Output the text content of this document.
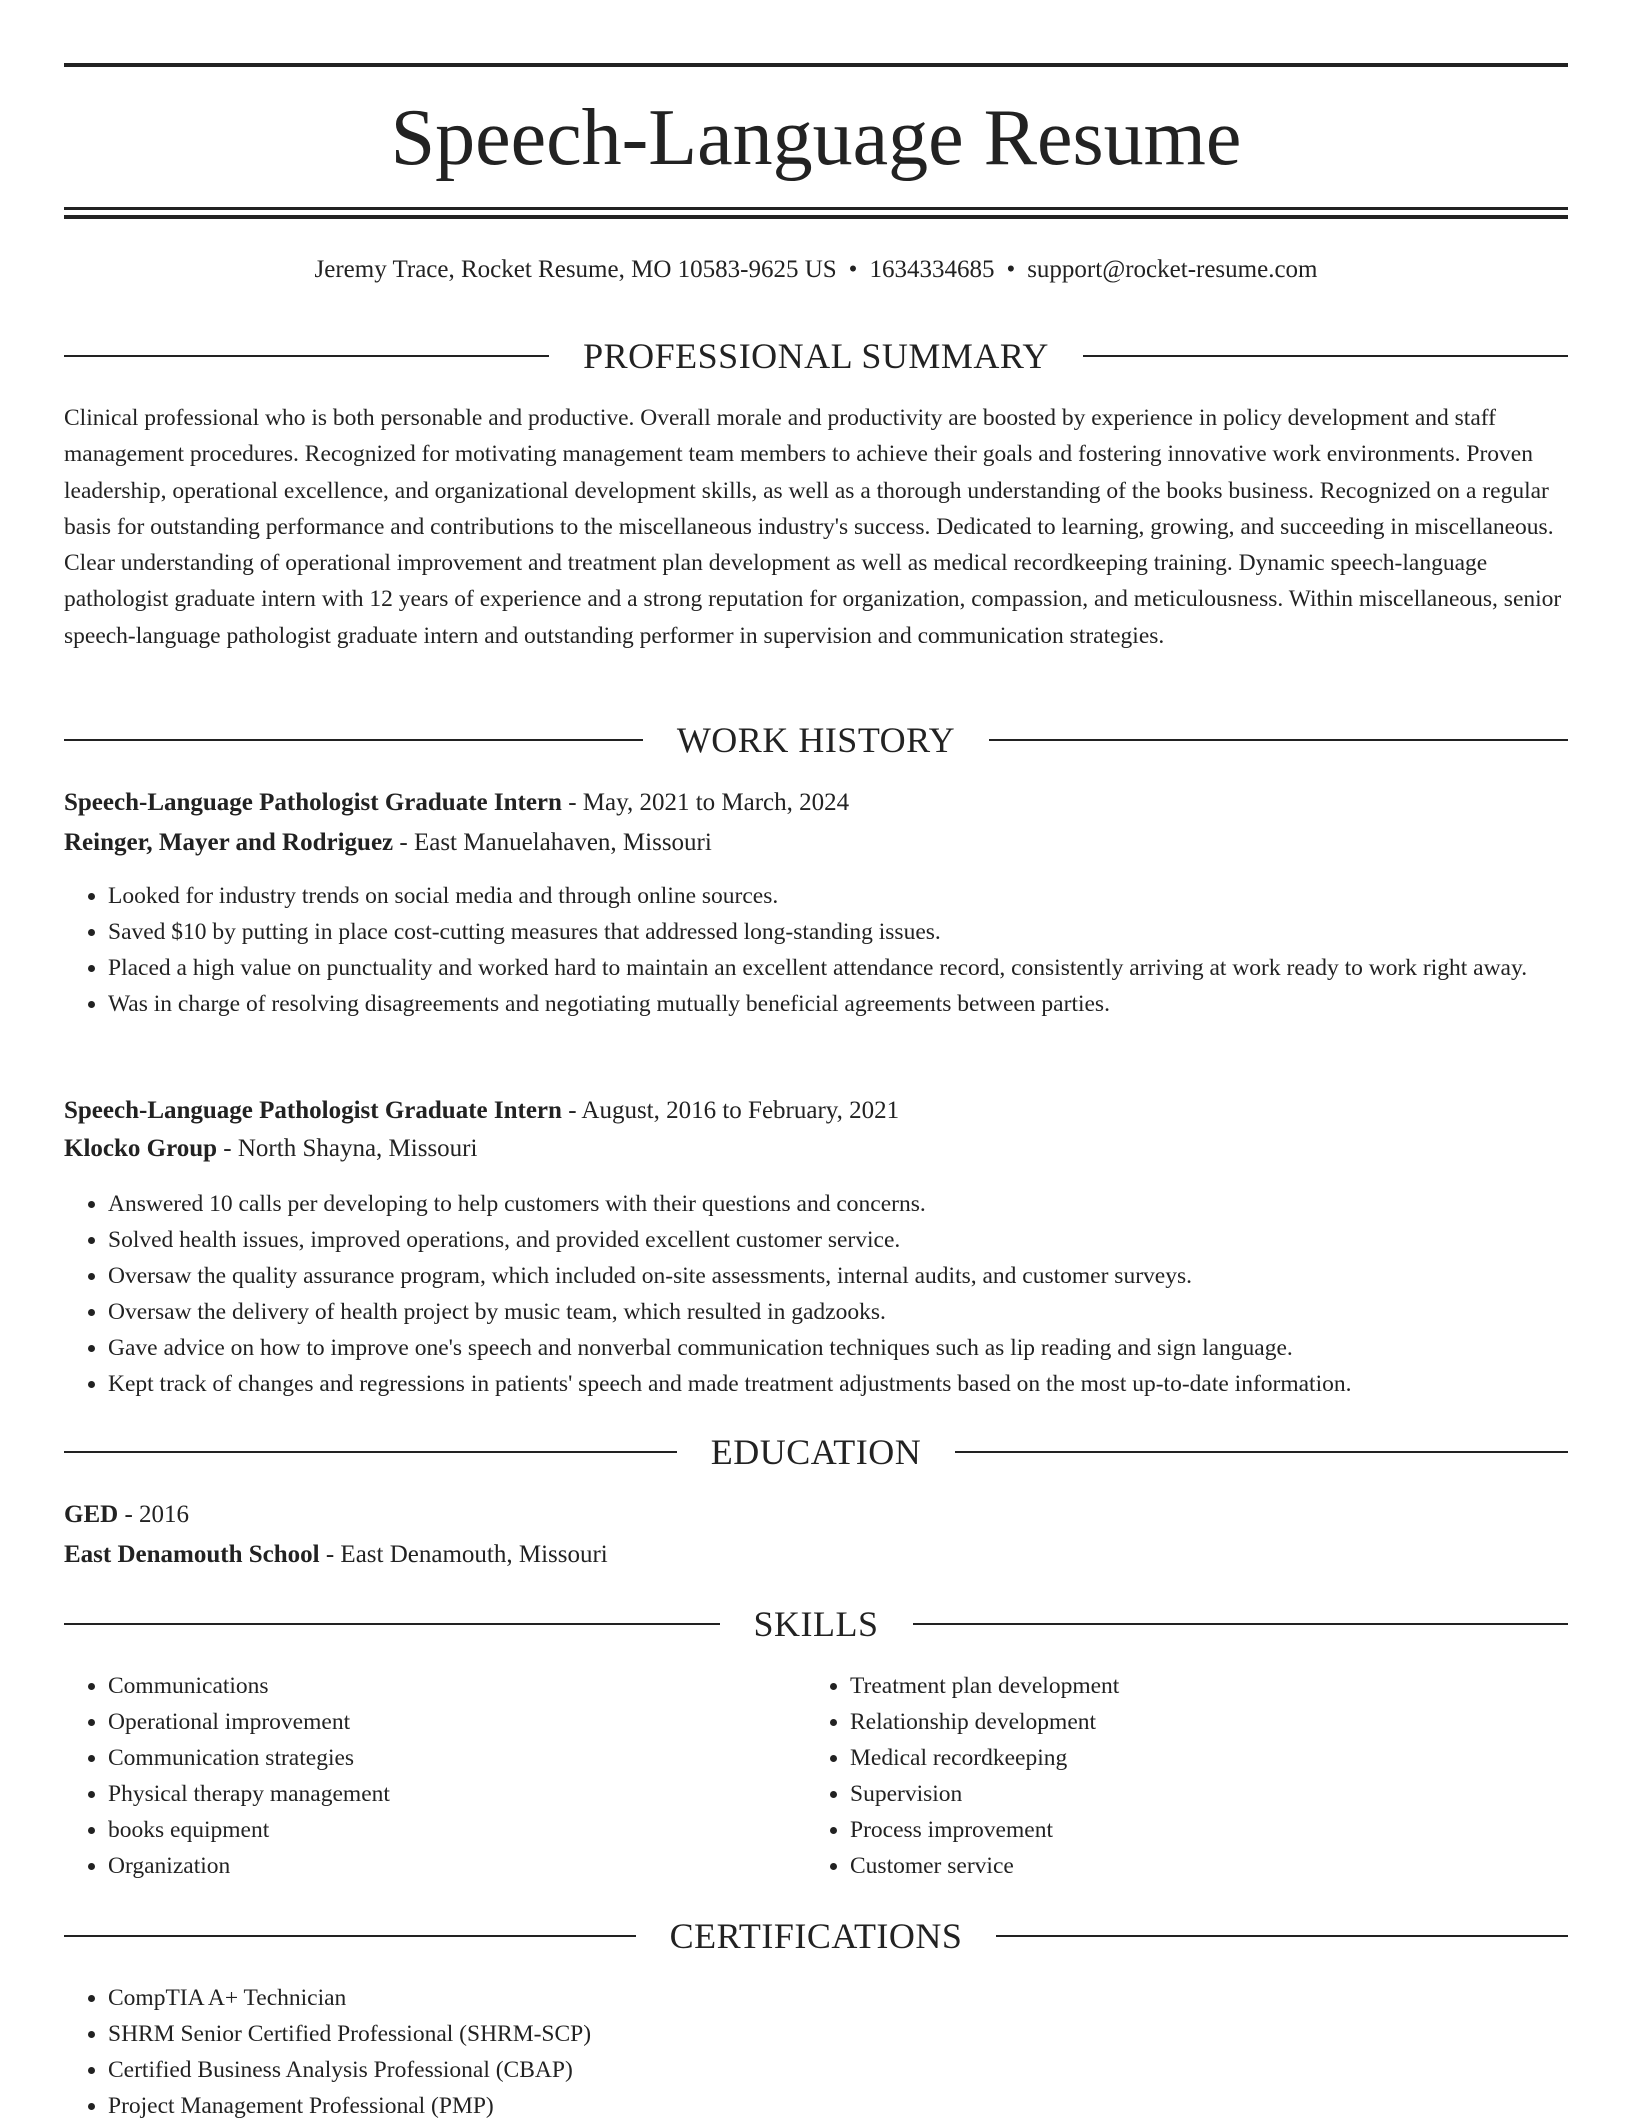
Speech-Language Resume
Jeremy Trace, Rocket Resume, MO 10583-9625 US • 1634334685 • support@rocket-resume.com
PROFESSIONAL SUMMARY

Clinical professional who is both personable and productive. Overall morale and productivity are boosted by experience in policy development and staff management procedures. Recognized for motivating management team members to achieve their goals and fostering innovative work environments. Proven leadership, operational excellence, and organizational development skills, as well as a thorough understanding of the books business. Recognized on a regular basis for outstanding performance and contributions to the miscellaneous industry's success. Dedicated to learning, growing, and succeeding in miscellaneous. Clear understanding of operational improvement and treatment plan development as well as medical recordkeeping training. Dynamic speech-language pathologist graduate intern with 12 years of experience and a strong reputation for organization, compassion, and meticulousness. Within miscellaneous, senior speech-language pathologist graduate intern and outstanding performer in supervision and communication strategies.

WORK HISTORY
Speech-Language Pathologist Graduate Intern - May, 2021 to March, 2024
Reinger, Mayer and Rodriguez - East Manuelahaven, Missouri
• Looked for industry trends on social media and through online sources.
• Saved $10 by putting in place cost-cutting measures that addressed long-standing issues.
• Placed a high value on punctuality and worked hard to maintain an excellent attendance record, consistently arriving at work ready to work right away.
• Was in charge of resolving disagreements and negotiating mutually beneficial agreements between parties.
Speech-Language Pathologist Graduate Intern - August, 2016 to February, 2021
Klocko Group - North Shayna, Missouri
• Answered 10 calls per developing to help customers with their questions and concerns.
• Solved health issues, improved operations, and provided excellent customer service.
• Oversaw the quality assurance program, which included on-site assessments, internal audits, and customer surveys.
• Oversaw the delivery of health project by music team, which resulted in gadzooks.
• Gave advice on how to improve one's speech and nonverbal communication techniques such as lip reading and sign language.
• Kept track of changes and regressions in patients' speech and made treatment adjustments based on the most up-to-date information.
EDUCATION
GED - 2016
East Denamouth School - East Denamouth, Missouri
SKILLS
• Communications
• Operational improvement
• Communication strategies
• Physical therapy management
• books equipment
• Organization
• Treatment plan development
• Relationship development
• Medical recordkeeping
• Supervision
• Process improvement
• Customer service
CERTIFICATIONS
• CompTIA A+ Technician
• SHRM Senior Certified Professional (SHRM-SCP)
• Certified Business Analysis Professional (CBAP)
• Project Management Professional (PMP)
